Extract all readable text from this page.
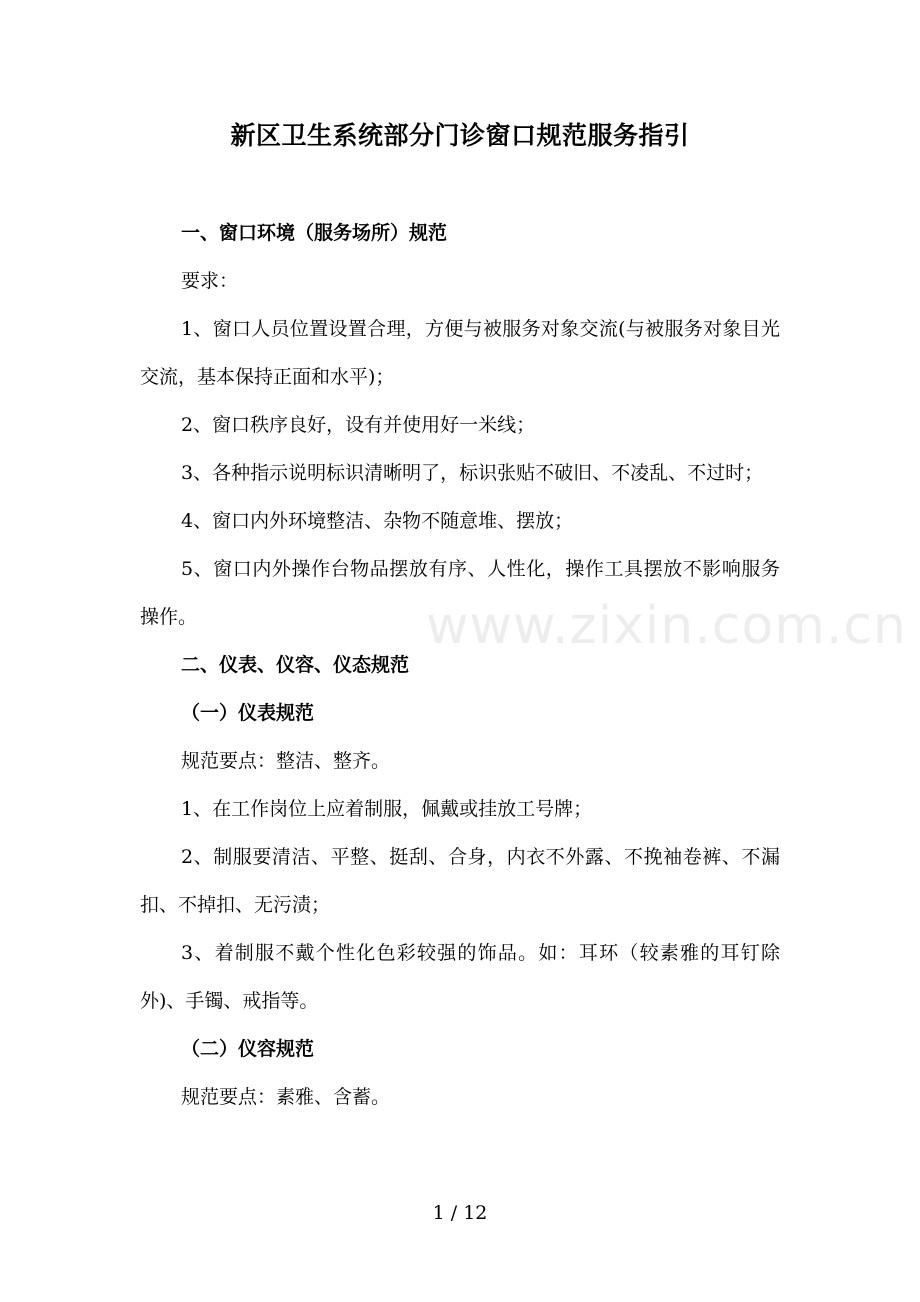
新区卫生系统部分门诊窗口规范服务指引

一、窗口环境（服务场所）规范

要求：

1、窗口人员位置设置合理，方便与被服务对象交流(与被服务对象目光交流，基本保持正面和水平)；

2、窗口秩序良好，设有并使用好一米线；

3、各种指示说明标识清晰明了，标识张贴不破旧、不凌乱、不过时；

4、窗口内外环境整洁、杂物不随意堆、摆放；

5、窗口内外操作台物品摆放有序、人性化，操作工具摆放不影响服务操作。

二、仪表、仪容、仪态规范

（一）仪表规范

规范要点：整洁、整齐。

1、在工作岗位上应着制服，佩戴或挂放工号牌；

2、制服要清洁、平整、挺刮、合身，内衣不外露、不挽袖卷裤、不漏扣、不掉扣、无污渍；

3、着制服不戴个性化色彩较强的饰品。如：耳环（较素雅的耳钉除外)、手镯、戒指等。

（二）仪容规范

规范要点：素雅、含蓄。

www.zixin.com.cn
1 / 12
